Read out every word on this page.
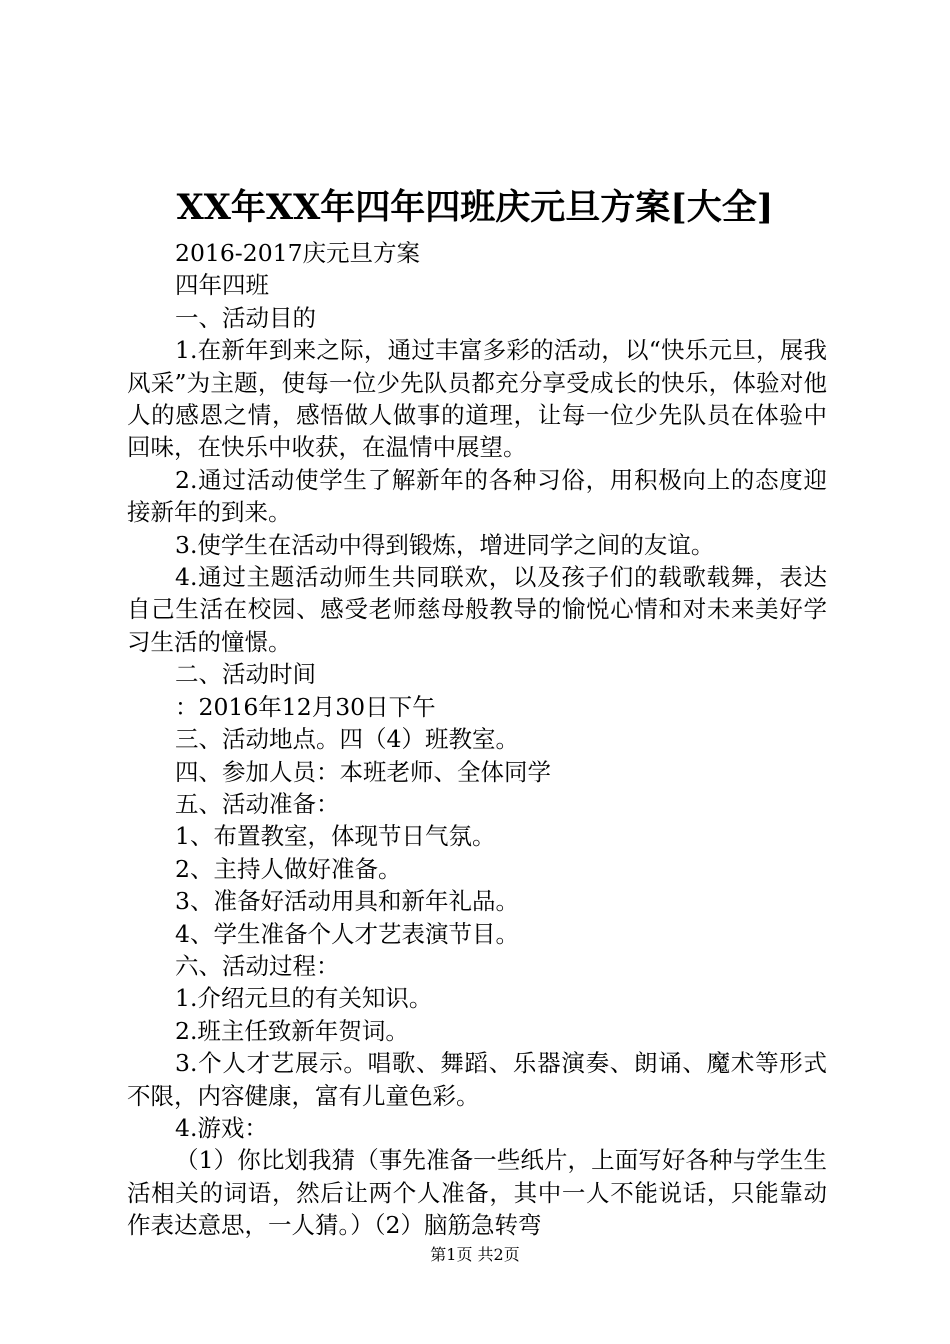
XX年XX年四年四班庆元旦方案[大全]

2016-2017庆元旦方案

四年四班

一、活动目的

1.在新年到来之际，通过丰富多彩的活动，以“快乐元旦，展我风采”为主题，使每一位少先队员都充分享受成长的快乐，体验对他人的感恩之情，感悟做人做事的道理，让每一位少先队员在体验中回味，在快乐中收获，在温情中展望。

2.通过活动使学生了解新年的各种习俗，用积极向上的态度迎接新年的到来。

3.使学生在活动中得到锻炼，增进同学之间的友谊。

4.通过主题活动师生共同联欢，以及孩子们的载歌载舞，表达自己生活在校园、感受老师慈母般教导的愉悦心情和对未来美好学习生活的憧憬。

二、活动时间

：2016年12月30日下午

三、活动地点。四（4）班教室。

四、参加人员：本班老师、全体同学

五、活动准备：

1、布置教室，体现节日气氛。

2、主持人做好准备。

3、准备好活动用具和新年礼品。

4、学生准备个人才艺表演节目。

六、活动过程：

1.介绍元旦的有关知识。

2.班主任致新年贺词。

3.个人才艺展示。唱歌、舞蹈、乐器演奏、朗诵、魔术等形式不限，内容健康，富有儿童色彩。

4.游戏：

（1）你比划我猜（事先准备一些纸片，上面写好各种与学生生活相关的词语，然后让两个人准备，其中一人不能说话，只能靠动作表达意思，一人猜。）（2）脑筋急转弯

第1页 共2页
